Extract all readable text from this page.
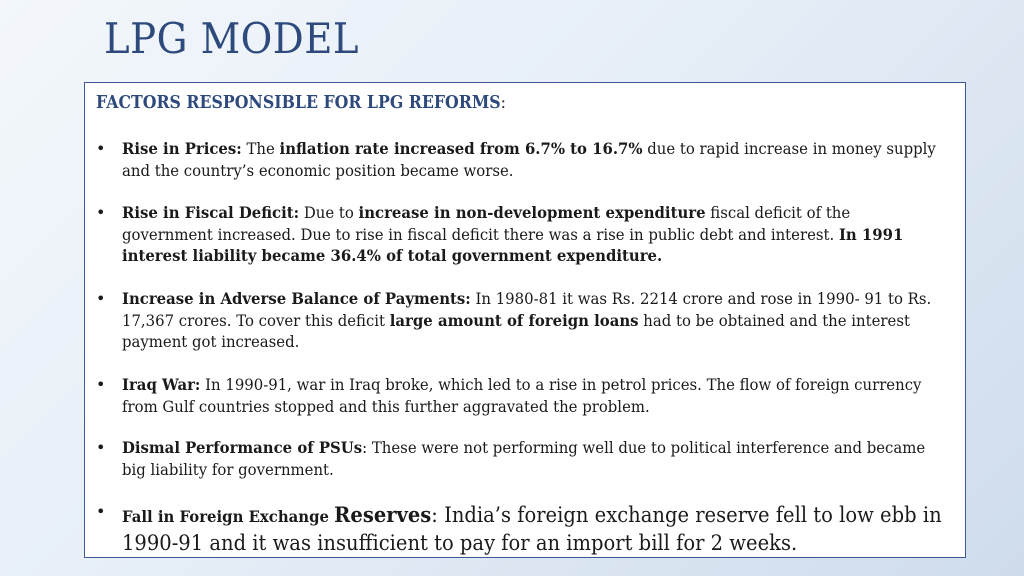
LPG MODEL
FACTORS RESPONSIBLE FOR LPG REFORMS:
• Rise in Prices: The inflation rate increased from 6.7% to 16.7% due to rapid increase in money supply and the country’s economic position became worse.
• Rise in Fiscal Deficit: Due to increase in non-development expenditure fiscal deficit of the government increased. Due to rise in fiscal deficit there was a rise in public debt and interest. In 1991 interest liability became 36.4% of total government expenditure.
• Increase in Adverse Balance of Payments: In 1980-81 it was Rs. 2214 crore and rose in 1990- 91 to Rs. 17,367 crores. To cover this deficit large amount of foreign loans had to be obtained and the interest payment got increased.
• Iraq War: In 1990-91, war in Iraq broke, which led to a rise in petrol prices. The flow of foreign currency from Gulf countries stopped and this further aggravated the problem.
• Dismal Performance of PSUs: These were not performing well due to political interference and became big liability for government.
• Fall in Foreign Exchange Reserves: India’s foreign exchange reserve fell to low ebb in 1990-91 and it was insufficient to pay for an import bill for 2 weeks.
